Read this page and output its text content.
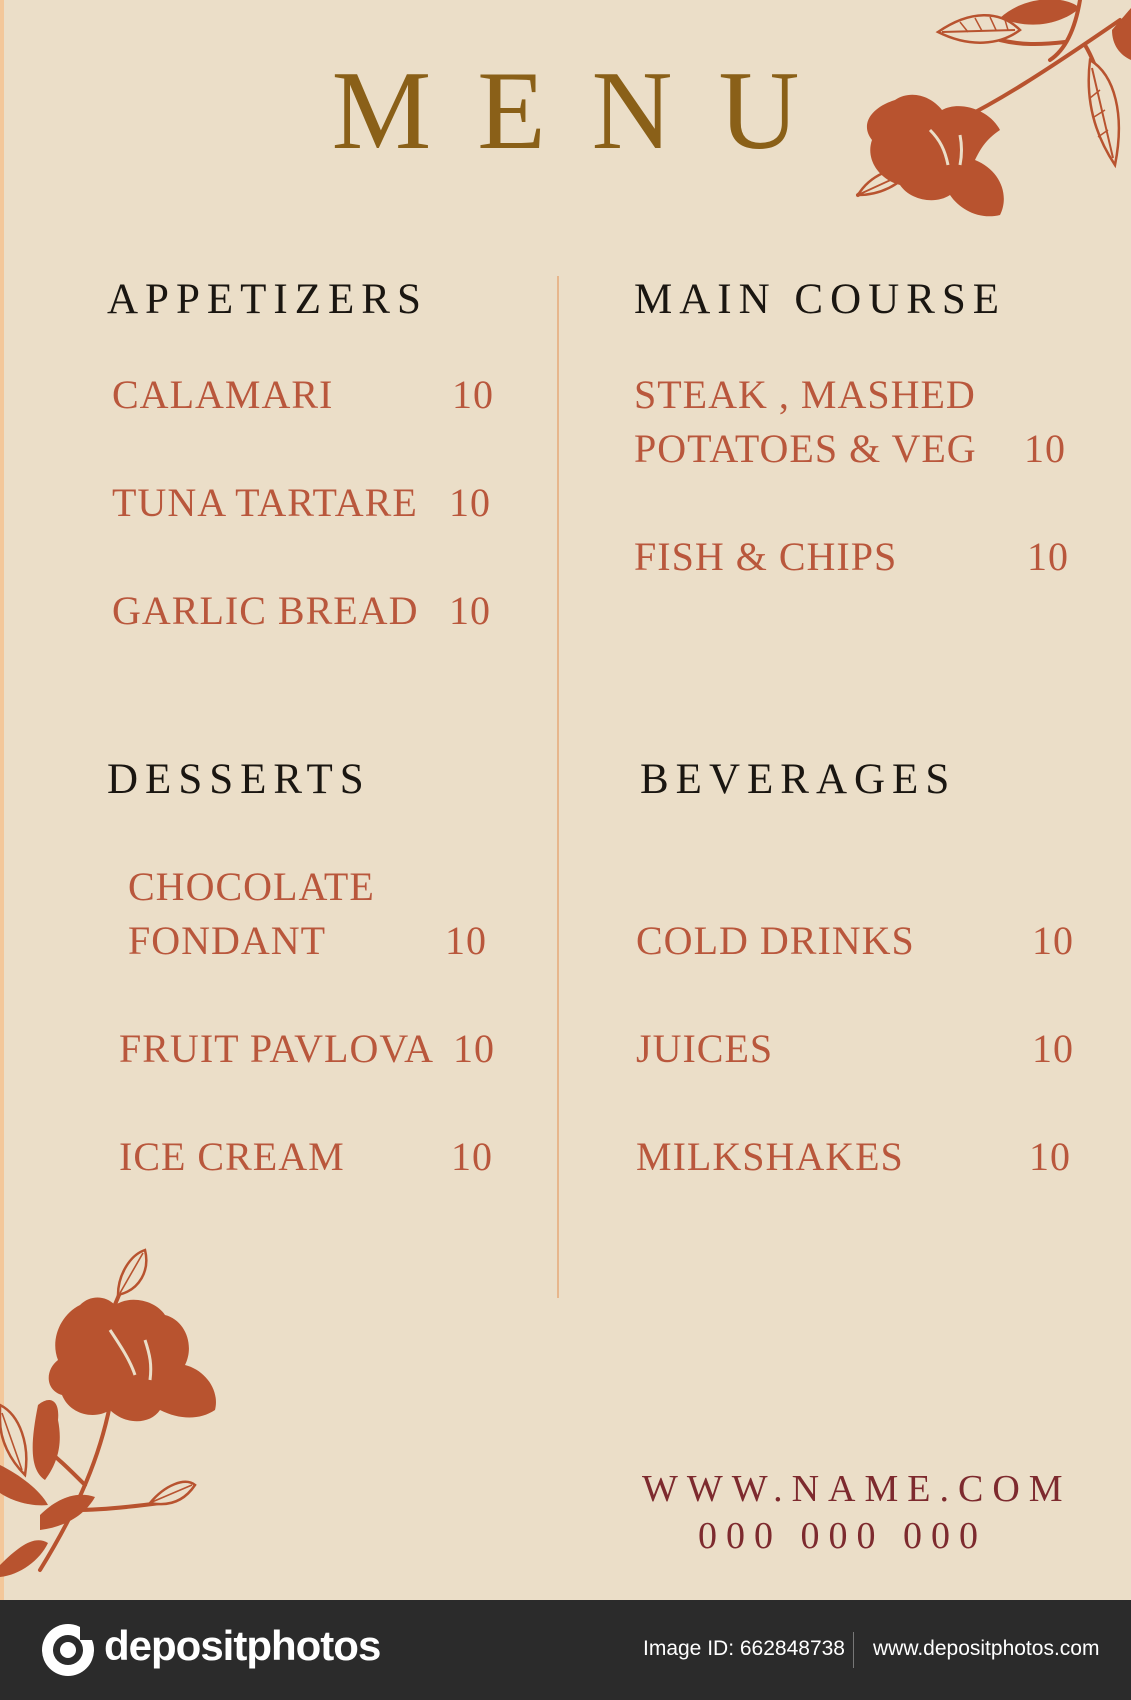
MENU
APPETIZERS
CALAMARI	10
TUNA TARTARE 10
GARLIC BREAD 10
MAIN COURSE
STEAK , MASHED
POTATOES & VEG 10
FISH & CHIPS	10
DESSERTS
CHOCOLATE
FONDANT	10
FRUIT PAVLOVA 10
ICE CREAM	10
BEVERAGES
COLD DRINKS	10
JUICES	10
MILKSHAKES	10
WWW.NAME.COM
000 000 000
depositphotos	Image ID: 662848738 www.depositphotos.com
